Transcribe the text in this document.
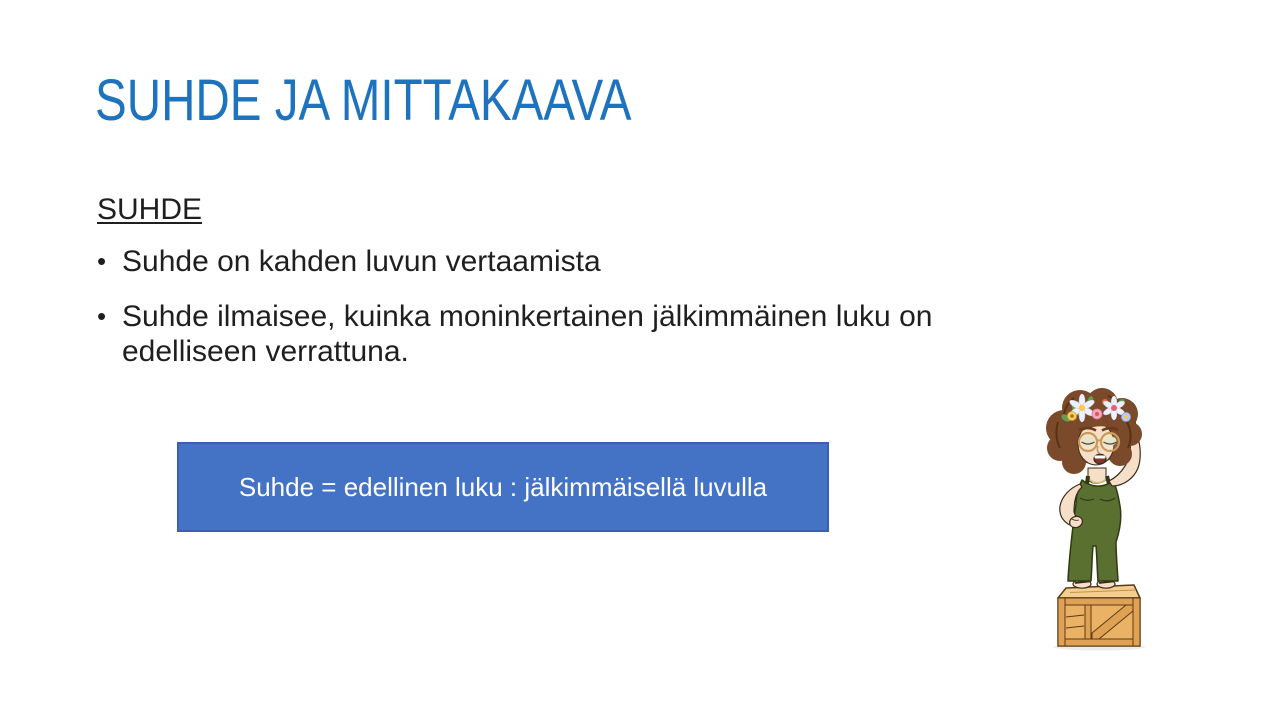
SUHDE JA MITTAKAAVA
SUHDE
• Suhde on kahden luvun vertaamista
• Suhde ilmaisee, kuinka moninkertainen jälkimmäinen luku on edelliseen verrattuna.
Suhde = edellinen luku : jälkimmäisellä luvulla
